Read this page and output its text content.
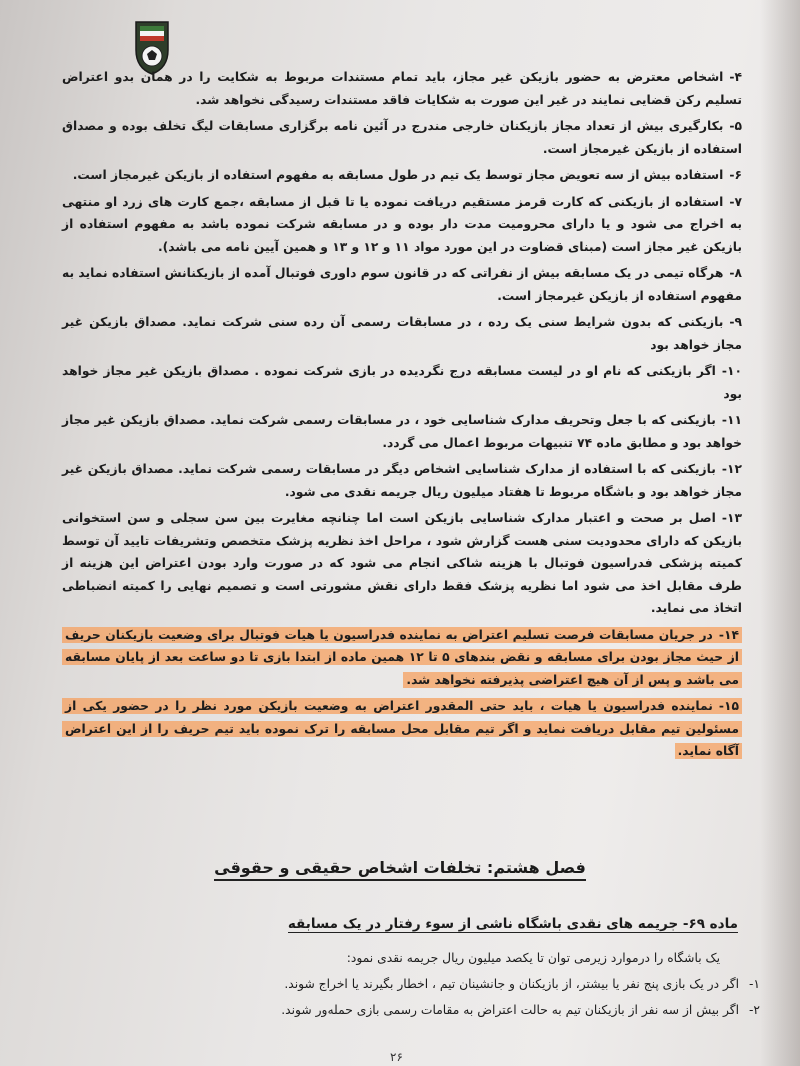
۴-اشخاص معترض به حضور بازیکن غیر مجاز، باید تمام مستندات مربوط به شکایت را در همان بدو اعتراض تسلیم رکن قضایی نمایند در غیر این صورت به شکایات فاقد مستندات رسیدگی نخواهد شد.

۵-بکارگیری بیش از تعداد مجاز بازیکنان خارجی مندرج در آئین نامه برگزاری مسابقات لیگ تخلف بوده و مصداق استفاده از بازیکن غیرمجاز است.

۶-استفاده بیش از سه تعویض مجاز توسط یک تیم در طول مسابقه به مفهوم استفاده از بازیکن غیرمجاز است.

۷-استفاده از بازیکنی که کارت قرمز مستقیم دریافت نموده یا تا قبل از مسابقه ،جمع کارت های زرد او منتهی به اخراج می شود و یا دارای محرومیت مدت دار بوده و در مسابقه شرکت نموده باشد به مفهوم استفاده از بازیکن غیر مجاز است (مبنای قضاوت در این مورد مواد ۱۱ و ۱۲ و ۱۳ و همین آیین نامه می باشد).

۸-هرگاه تیمی در یک مسابقه بیش از نفراتی که در قانون سوم داوری فوتبال آمده از بازیکنانش استفاده نماید به مفهوم استفاده از بازیکن غیرمجاز است.

۹-بازیکنی که بدون شرایط سنی یک رده ، در مسابقات رسمی آن رده سنی شرکت نماید. مصداق بازیکن غیر مجاز خواهد بود

۱۰-اگر بازیکنی که نام او در لیست مسابقه درج نگردیده در بازی شرکت نموده . مصداق بازیکن غیر مجاز خواهد بود

۱۱-بازیکنی که با جعل وتحریف مدارک شناسایی خود ، در مسابقات رسمی شرکت نماید. مصداق بازیکن غیر مجاز خواهد بود و مطابق ماده ۷۴ تنبیهات مربوط اعمال می گردد.

۱۲-بازیکنی که با استفاده از مدارک شناسایی اشخاص دیگر در مسابقات رسمی شرکت نماید. مصداق بازیکن غیر مجاز خواهد بود و باشگاه مربوط تا هفتاد میلیون ریال جریمه نقدی می شود.

۱۳-اصل بر صحت و اعتبار مدارک شناسایی بازیکن است اما چنانچه مغایرت بین سن سجلی و سن استخوانی بازیکن که دارای محدودیت سنی هست گزارش شود ، مراحل اخذ نظریه پزشک متخصص وتشریفات تایید آن توسط کمیته پزشکی فدراسیون فوتبال با هزینه شاکی انجام می شود که در صورت وارد بودن اعتراض این هزینه از طرف مقابل اخذ می شود اما نظریه پزشک فقط دارای نقش مشورتی است و تصمیم نهایی را کمیته انضباطی اتخاذ می نماید.

۱۴-در جریان مسابقات فرصت تسلیم اعتراض به نماینده فدراسیون یا هیات فوتبال برای وضعیت بازیکنان حریف از حیث مجاز بودن برای مسابقه و نقض بندهای ۵ تا ۱۲ همین ماده از ابتدا بازی تا دو ساعت بعد از پایان مسابقه می باشد و پس از آن هیچ اعتراضی پذیرفته نخواهد شد.

۱۵-نماینده فدراسیون یا هیات ، باید حتی المقدور اعتراض به وضعیت بازیکن مورد نظر را در حضور یکی از مسئولین تیم مقابل دریافت نماید و اگر تیم مقابل محل مسابقه را ترک نموده باید تیم حریف را از این اعتراض آگاه نماید.

فصل هشتم: تخلفات اشخاص حقیقی و حقوقی
ماده ۶۹- جریمه های نقدی باشگاه ناشی از سوء رفتار در یک مسابقه
یک باشگاه را درموارد زیرمی توان تا یکصد میلیون ریال جریمه نقدی نمود:
۱- اگر در یک بازی پنج نفر یا بیشتر، از بازیکنان و جانشینان تیم ، اخطار بگیرند یا اخراج شوند.
۲- اگر بیش از سه نفر از بازیکنان تیم به حالت اعتراض به مقامات رسمی بازی حمله‌ور شوند.
۲۶
